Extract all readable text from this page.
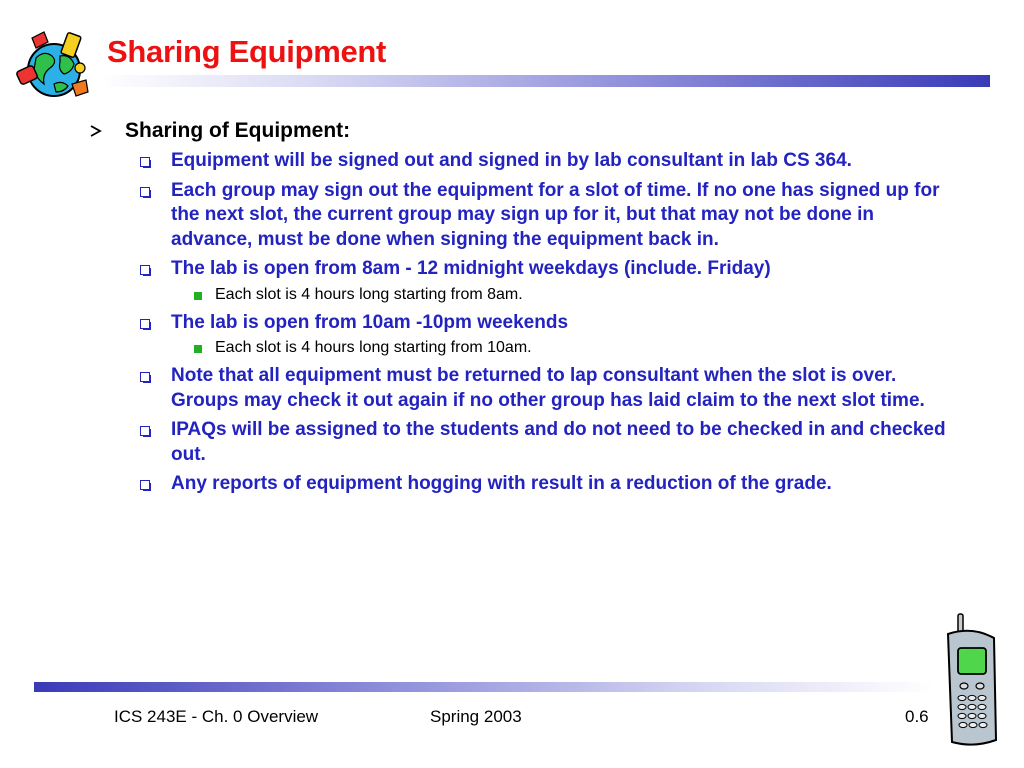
Sharing Equipment
Sharing of Equipment:
Equipment will be signed out and signed in by lab consultant in lab CS 364.
Each group may sign out the equipment for a slot of time. If no one has signed up for the next slot, the current group may sign up for it, but that may not be done in advance, must be done when signing the equipment back in.
The lab is open from 8am - 12 midnight weekdays (include. Friday)
Each slot is 4 hours long starting from 8am.
The lab is open from 10am -10pm weekends
Each slot is 4 hours long starting from 10am.
Note that all equipment must be returned to lap consultant when the slot is over. Groups may check it out again if no other group has laid claim to the next slot time.
IPAQs will be assigned to the students and do not need to be checked in and checked out.
Any reports of equipment hogging with result in a reduction of the grade.
ICS 243E - Ch. 0 Overview	Spring 2003	0.6
